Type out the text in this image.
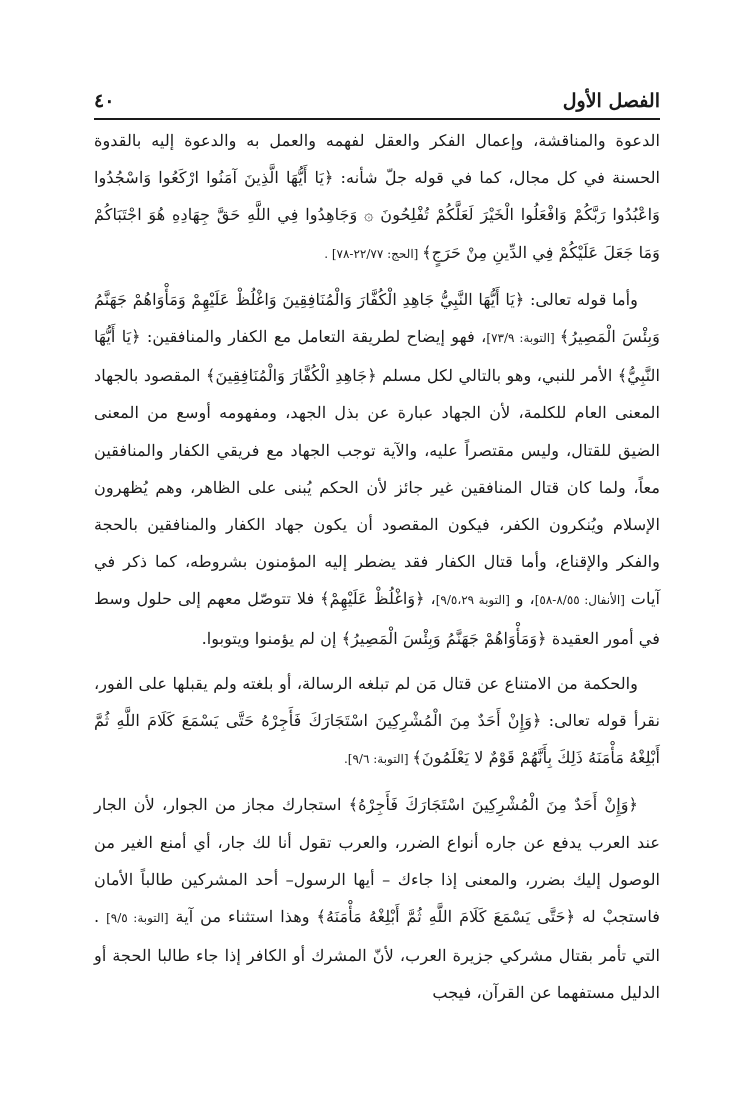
الفصل الأول
٤٠

الدعوة والمناقشة، وإعمال الفكر والعقل لفهمه والعمل به والدعوة إليه بالقدوة الحسنة في كل مجال، كما في قوله جلّ شأنه: ﴿يَا أَيُّهَا الَّذِينَ آمَنُوا ارْكَعُوا وَاسْجُدُوا وَاعْبُدُوا رَبَّكُمْ وَافْعَلُوا الْخَيْرَ لَعَلَّكُمْ تُفْلِحُونَ ۞ وَجَاهِدُوا فِي اللَّهِ حَقَّ جِهَادِهِ هُوَ اجْتَبَاكُمْ وَمَا جَعَلَ عَلَيْكُمْ فِي الدِّينِ مِنْ حَرَجٍ﴾ [الحج: ٢٢/٧٧-٧٨] .

وأما قوله تعالى: ﴿يَا أَيُّهَا النَّبِيُّ جَاهِدِ الْكُفَّارَ وَالْمُنَافِقِينَ وَاغْلُظْ عَلَيْهِمْ وَمَأْوَاهُمْ جَهَنَّمُ وَبِئْسَ الْمَصِيرُ﴾ [التوبة: ٧٣/٩]، فهو إيضاح لطريقة التعامل مع الكفار والمنافقين: ﴿يَا أَيُّهَا النَّبِيُّ﴾ الأمر للنبي، وهو بالتالي لكل مسلم ﴿جَاهِدِ الْكُفَّارَ وَالْمُنَافِقِينَ﴾ المقصود بالجهاد المعنى العام للكلمة، لأن الجهاد عبارة عن بذل الجهد، ومفهومه أوسع من المعنى الضيق للقتال، وليس مقتصراً عليه، والآية توجب الجهاد مع فريقي الكفار والمنافقين معاً، ولما كان قتال المنافقين غير جائز لأن الحكم يُبنى على الظاهر، وهم يُظهرون الإسلام ويُنكرون الكفر، فيكون المقصود أن يكون جهاد الكفار والمنافقين بالحجة والفكر والإقناع، وأما قتال الكفار فقد يضطر إليه المؤمنون بشروطه، كما ذكر في آيات [الأنفال: ٨/٥٥-٥٨]، و [التوبة ٩/٥،٢٩]، ﴿وَاغْلُظْ عَلَيْهِمْ﴾ فلا تتوصّل معهم إلى حلول وسط في أمور العقيدة ﴿وَمَأْوَاهُمْ جَهَنَّمُ وَبِئْسَ الْمَصِيرُ﴾ إن لم يؤمنوا ويتوبوا.

والحكمة من الامتناع عن قتال مَن لم تبلغه الرسالة، أو بلغته ولم يقبلها على الفور، نقرأ قوله تعالى: ﴿وَإِنْ أَحَدٌ مِنَ الْمُشْرِكِينَ اسْتَجَارَكَ فَأَجِرْهُ حَتَّى يَسْمَعَ كَلَامَ اللَّهِ ثُمَّ أَبْلِغْهُ مَأْمَنَهُ ذَلِكَ بِأَنَّهُمْ قَوْمٌ لا يَعْلَمُونَ﴾ [التوبة: ٩/٦].

﴿وَإِنْ أَحَدٌ مِنَ الْمُشْرِكِينَ اسْتَجَارَكَ فَأَجِرْهُ﴾ استجارك مجاز من الجوار، لأن الجار عند العرب يدفع عن جاره أنواع الضرر، والعرب تقول أنا لك جار، أي أمنع الغير من الوصول إليك بضرر، والمعنى إذا جاءك – أيها الرسول– أحد المشركين طالباً الأمان فاستجبْ له ﴿حَتَّى يَسْمَعَ كَلَامَ اللَّهِ ثُمَّ أَبْلِغْهُ مَأْمَنَهُ﴾ وهذا استثناء من آية [التوبة: ٩/٥] . التي تأمر بقتال مشركي جزيرة العرب، لأنّ المشرك أو الكافر إذا جاء طالبا الحجة أو الدليل مستفهما عن القرآن، فيجب
